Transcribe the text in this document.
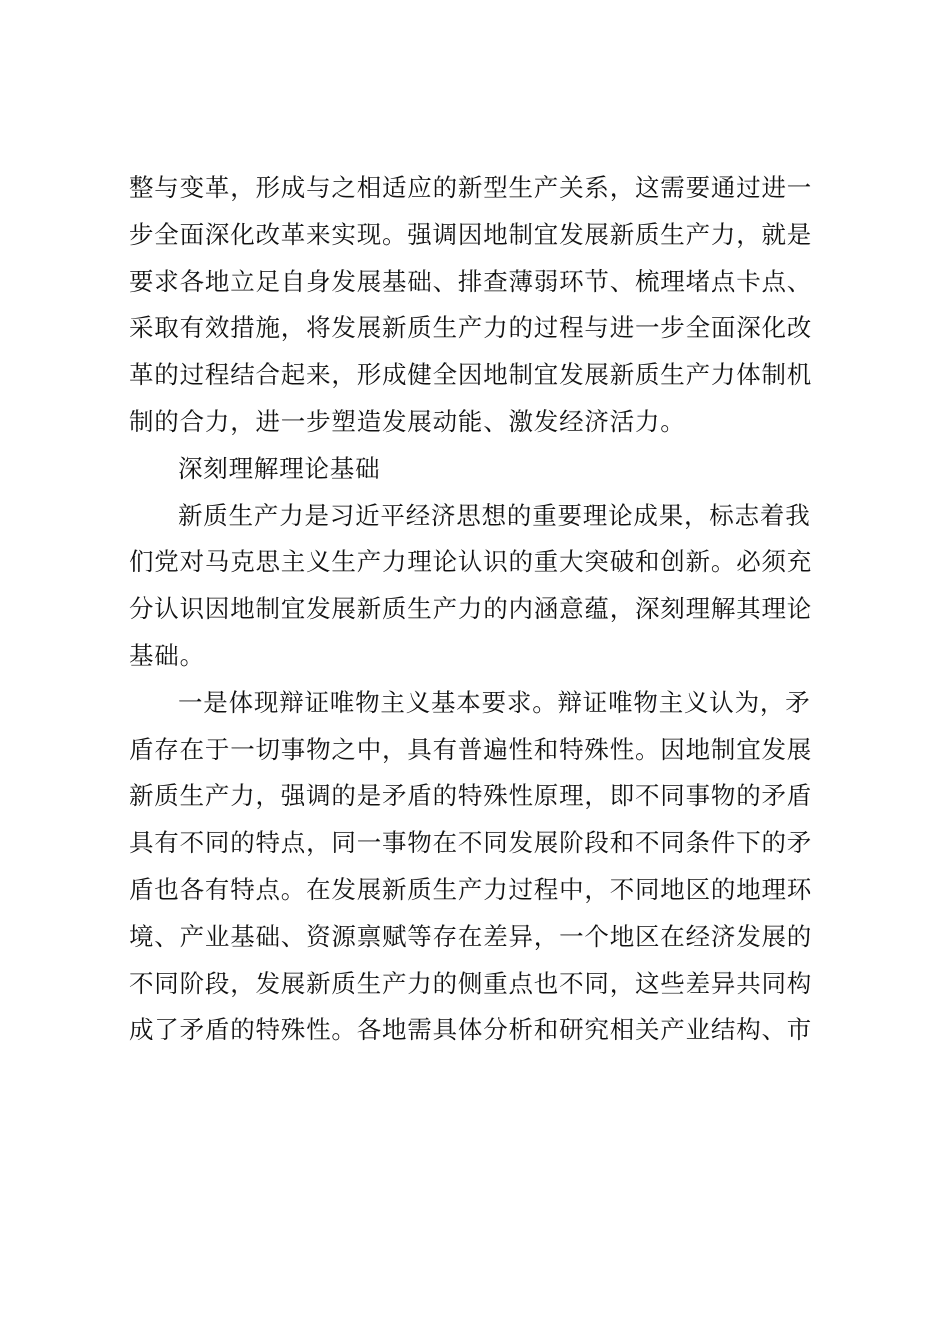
整与变革，形成与之相适应的新型生产关系，这需要通过进一
步全面深化改革来实现。强调因地制宜发展新质生产力，就是
要求各地立足自身发展基础、排查薄弱环节、梳理堵点卡点、
采取有效措施，将发展新质生产力的过程与进一步全面深化改
革的过程结合起来，形成健全因地制宜发展新质生产力体制机
制的合力，进一步塑造发展动能、激发经济活力。
深刻理解理论基础
新质生产力是习近平经济思想的重要理论成果，标志着我
们党对马克思主义生产力理论认识的重大突破和创新。必须充
分认识因地制宜发展新质生产力的内涵意蕴，深刻理解其理论
基础。
一是体现辩证唯物主义基本要求。辩证唯物主义认为，矛
盾存在于一切事物之中，具有普遍性和特殊性。因地制宜发展
新质生产力，强调的是矛盾的特殊性原理，即不同事物的矛盾
具有不同的特点，同一事物在不同发展阶段和不同条件下的矛
盾也各有特点。在发展新质生产力过程中，不同地区的地理环
境、产业基础、资源禀赋等存在差异，一个地区在经济发展的
不同阶段，发展新质生产力的侧重点也不同，这些差异共同构
成了矛盾的特殊性。各地需具体分析和研究相关产业结构、市
